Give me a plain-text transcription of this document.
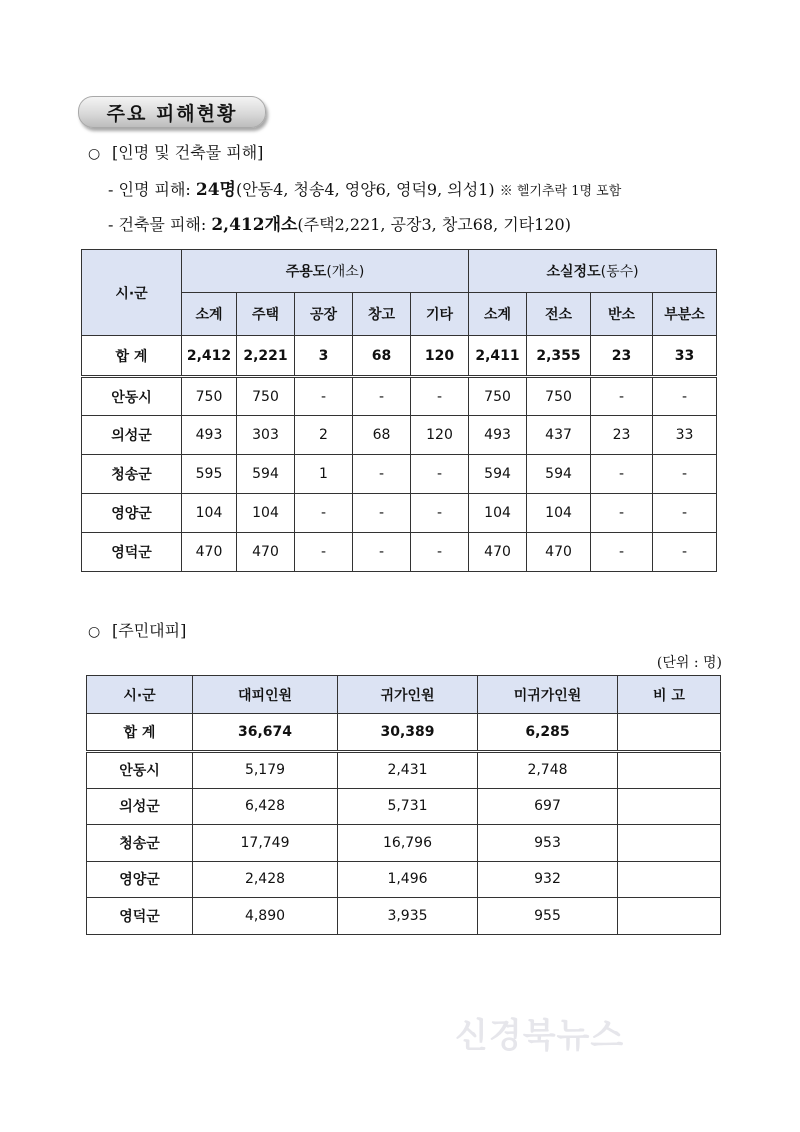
주요 피해현황
○ [인명 및 건축물 피해]
- 인명 피해: 24명(안동4, 청송4, 영양6, 영덕9, 의성1) ※ 헬기추락 1명 포함
- 건축물 피해: 2,412개소(주택2,221, 공장3, 창고68, 기타120)
시·군	주용도(개소)					소실정도(동수)			
	소계	주택	공장	창고	기타	소계	전소	반소	부분소
합 계	2,412	2,221	3	68	120	2,411	2,355	23	33
안동시	750	750	-	-	-	750	750	-	-
의성군	493	303	2	68	120	493	437	23	33
청송군	595	594	1	-	-	594	594	-	-
영양군	104	104	-	-	-	104	104	-	-
영덕군	470	470	-	-	-	470	470	-	-
○ [주민대피]
(단위 : 명)
시·군	대피인원	귀가인원	미귀가인원	비 고
합 계	36,674	30,389	6,285	
안동시	5,179	2,431	2,748	
의성군	6,428	5,731	697	
청송군	17,749	16,796	953	
영양군	2,428	1,496	932	
영덕군	4,890	3,935	955	
신경북뉴스
